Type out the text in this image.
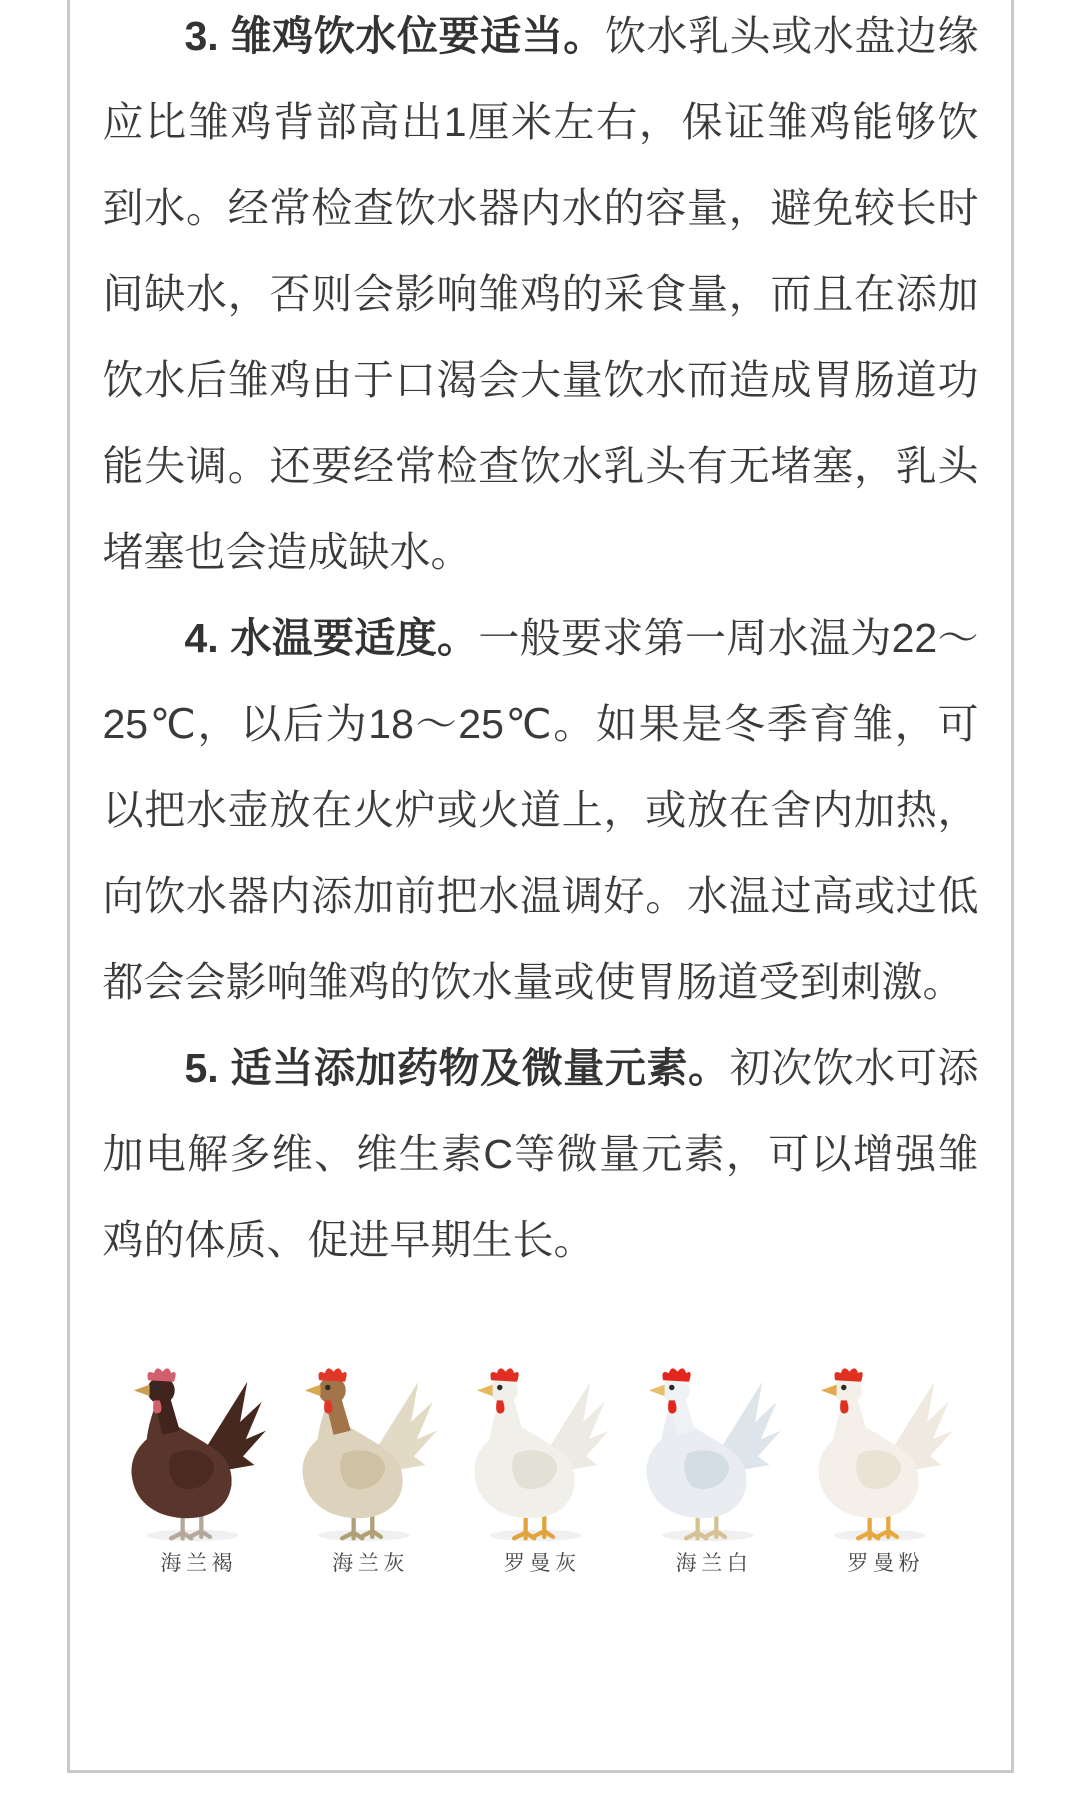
3. 雏鸡饮水位要适当。饮水乳头或水盘边缘应比雏鸡背部高出1厘米左右，保证雏鸡能够饮到水。经常检查饮水器内水的容量，避免较长时间缺水，否则会影响雏鸡的采食量，而且在添加饮水后雏鸡由于口渴会大量饮水而造成胃肠道功能失调。还要经常检查饮水乳头有无堵塞，乳头堵塞也会造成缺水。

4. 水温要适度。一般要求第一周水温为22～25℃，以后为18～25℃。如果是冬季育雏，可以把水壶放在火炉或火道上，或放在舍内加热，向饮水器内添加前把水温调好。水温过高或过低都会会影响雏鸡的饮水量或使胃肠道受到刺激。

5. 适当添加药物及微量元素。初次饮水可添加电解多维、维生素C等微量元素，可以增强雏鸡的体质、促进早期生长。

海兰褐	海兰灰	罗曼灰	海兰白	罗曼粉
